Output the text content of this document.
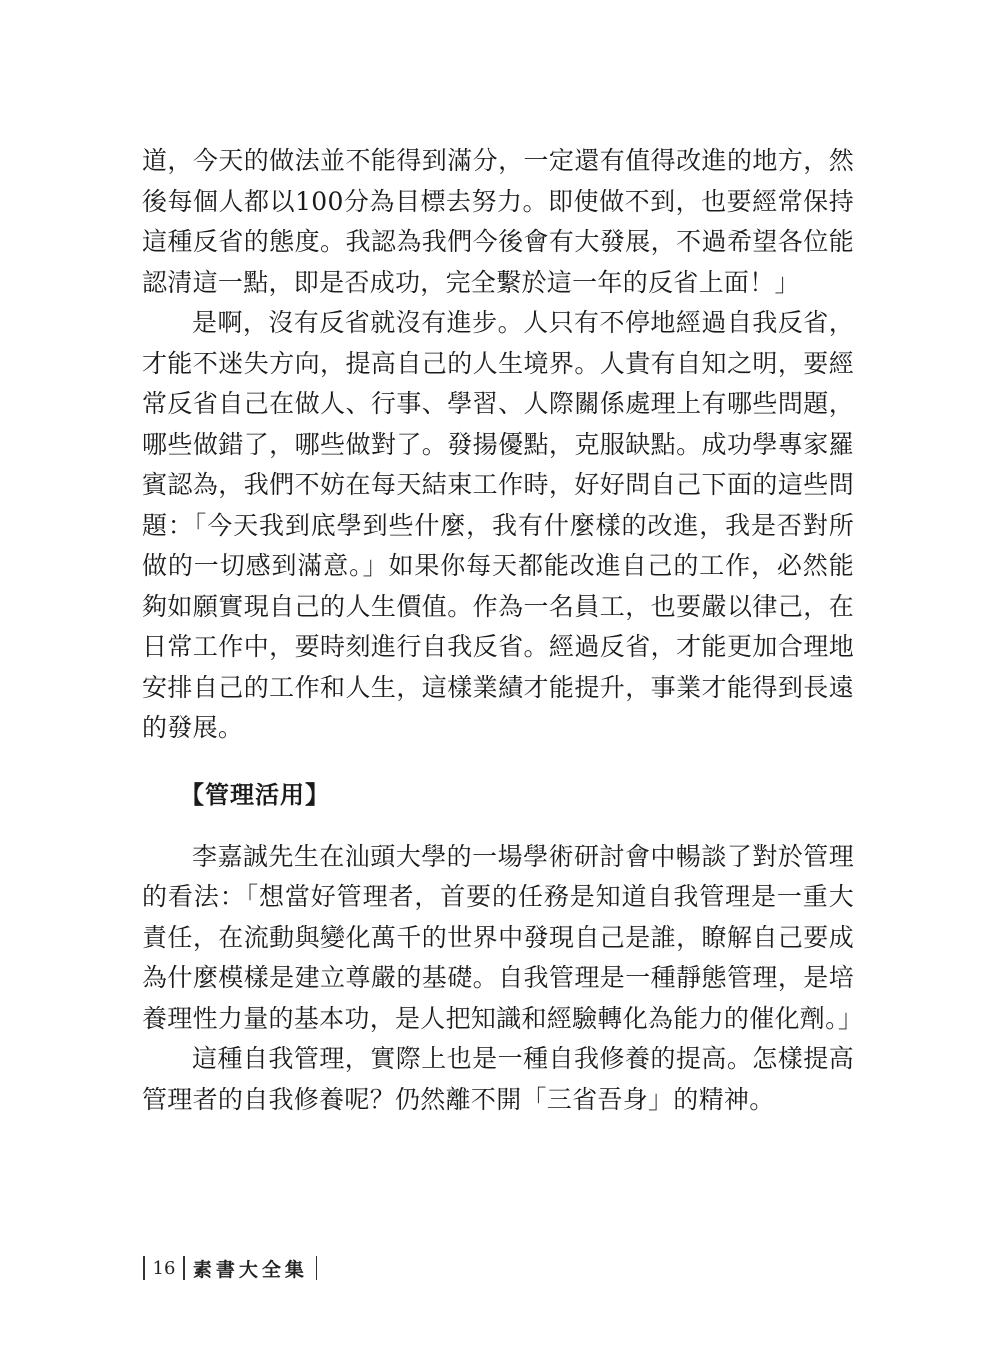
道，今天的做法並不能得到滿分，一定還有值得改進的地方，然後每個人都以100分為目標去努力。即使做不到，也要經常保持這種反省的態度。我認為我們今後會有大發展，不過希望各位能認清這一點，即是否成功，完全繫於這一年的反省上面！」

是啊，沒有反省就沒有進步。人只有不停地經過自我反省，才能不迷失方向，提高自己的人生境界。人貴有自知之明，要經常反省自己在做人、行事、學習、人際關係處理上有哪些問題，哪些做錯了，哪些做對了。發揚優點，克服缺點。成功學專家羅賓認為，我們不妨在每天結束工作時，好好問自己下面的這些問題：「今天我到底學到些什麼，我有什麼樣的改進，我是否對所做的一切感到滿意。」如果你每天都能改進自己的工作，必然能夠如願實現自己的人生價值。作為一名員工，也要嚴以律己，在日常工作中，要時刻進行自我反省。經過反省，才能更加合理地安排自己的工作和人生，這樣業績才能提升，事業才能得到長遠的發展。

【管理活用】

李嘉誠先生在汕頭大學的一場學術研討會中暢談了對於管理的看法：「想當好管理者，首要的任務是知道自我管理是一重大責任，在流動與變化萬千的世界中發現自己是誰，瞭解自己要成為什麼模樣是建立尊嚴的基礎。自我管理是一種靜態管理，是培養理性力量的基本功，是人把知識和經驗轉化為能力的催化劑。」

這種自我管理，實際上也是一種自我修養的提高。怎樣提高管理者的自我修養呢？仍然離不開「三省吾身」的精神。

16 素書大全集
